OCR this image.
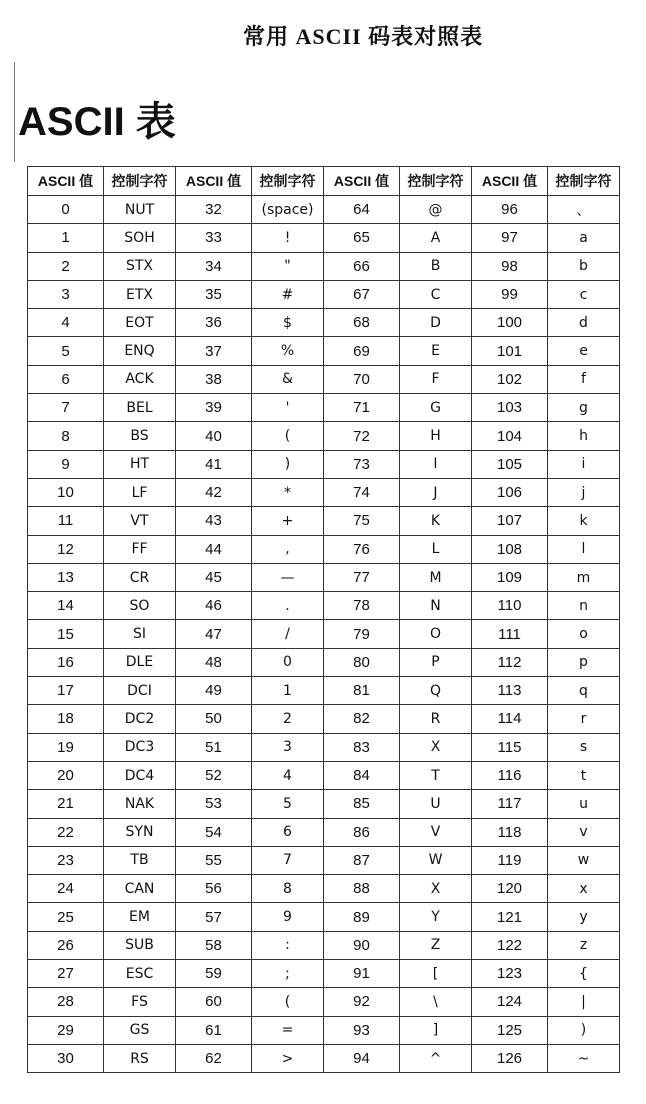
常用 ASCII 码表对照表
ASCII 表
ASCII 值	控制字符	ASCII 值	控制字符	ASCII 值	控制字符	ASCII 值	控制字符
0	NUT	32	(space)	64	@	96	、
1	SOH	33	!	65	A	97	a
2	STX	34	"	66	B	98	b
3	ETX	35	#	67	C	99	c
4	EOT	36	$	68	D	100	d
5	ENQ	37	%	69	E	101	e
6	ACK	38	&	70	F	102	f
7	BEL	39	'	71	G	103	g
8	BS	40	(	72	H	104	h
9	HT	41	)	73	I	105	i
10	LF	42	*	74	J	106	j
11	VT	43	+	75	K	107	k
12	FF	44	,	76	L	108	l
13	CR	45	—	77	M	109	m
14	SO	46	.	78	N	110	n
15	SI	47	/	79	O	111	o
16	DLE	48	0	80	P	112	p
17	DCI	49	1	81	Q	113	q
18	DC2	50	2	82	R	114	r
19	DC3	51	3	83	X	115	s
20	DC4	52	4	84	T	116	t
21	NAK	53	5	85	U	117	u
22	SYN	54	6	86	V	118	v
23	TB	55	7	87	W	119	w
24	CAN	56	8	88	X	120	x
25	EM	57	9	89	Y	121	y
26	SUB	58	:	90	Z	122	z
27	ESC	59	;	91	[	123	{
28	FS	60	(	92	\	124	|
29	GS	61	=	93	]	125	)
30	RS	62	>	94	^	126	~
